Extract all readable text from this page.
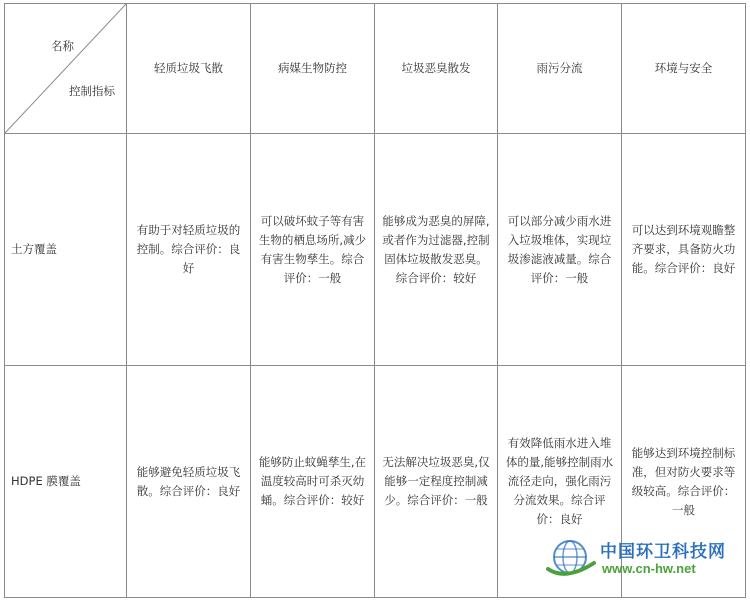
名称
控制指标	轻质垃圾飞散	病媒生物防控	垃圾恶臭散发	雨污分流	环境与安全
土方覆盖	有助于对轻质垃圾的控制。综合评价：良好	可以破坏蚊子等有害生物的栖息场所,减少有害生物孳生。综合评价：一般	能够成为恶臭的屏障,或者作为过滤器,控制固体垃圾散发恶臭。综合评价：较好	可以部分减少雨水进入垃圾堆体，实现垃圾渗滤液减量。综合评价：一般	可以达到环境观瞻整齐要求，具备防火功能。综合评价：良好
HDPE 膜覆盖	能够避免轻质垃圾飞散。综合评价：良好	能够防止蚊蝇孳生,在温度较高时可杀灭幼蛹。综合评价：较好	无法解决垃圾恶臭,仅能够一定程度控制减少。综合评价：一般	有效降低雨水进入堆体的量,能够控制雨水流径走向，强化雨污分流效果。综合评价：良好	能够达到环境控制标准，但对防火要求等级较高。综合评价：一般
中国环卫科技网
www.cn-hw.net
